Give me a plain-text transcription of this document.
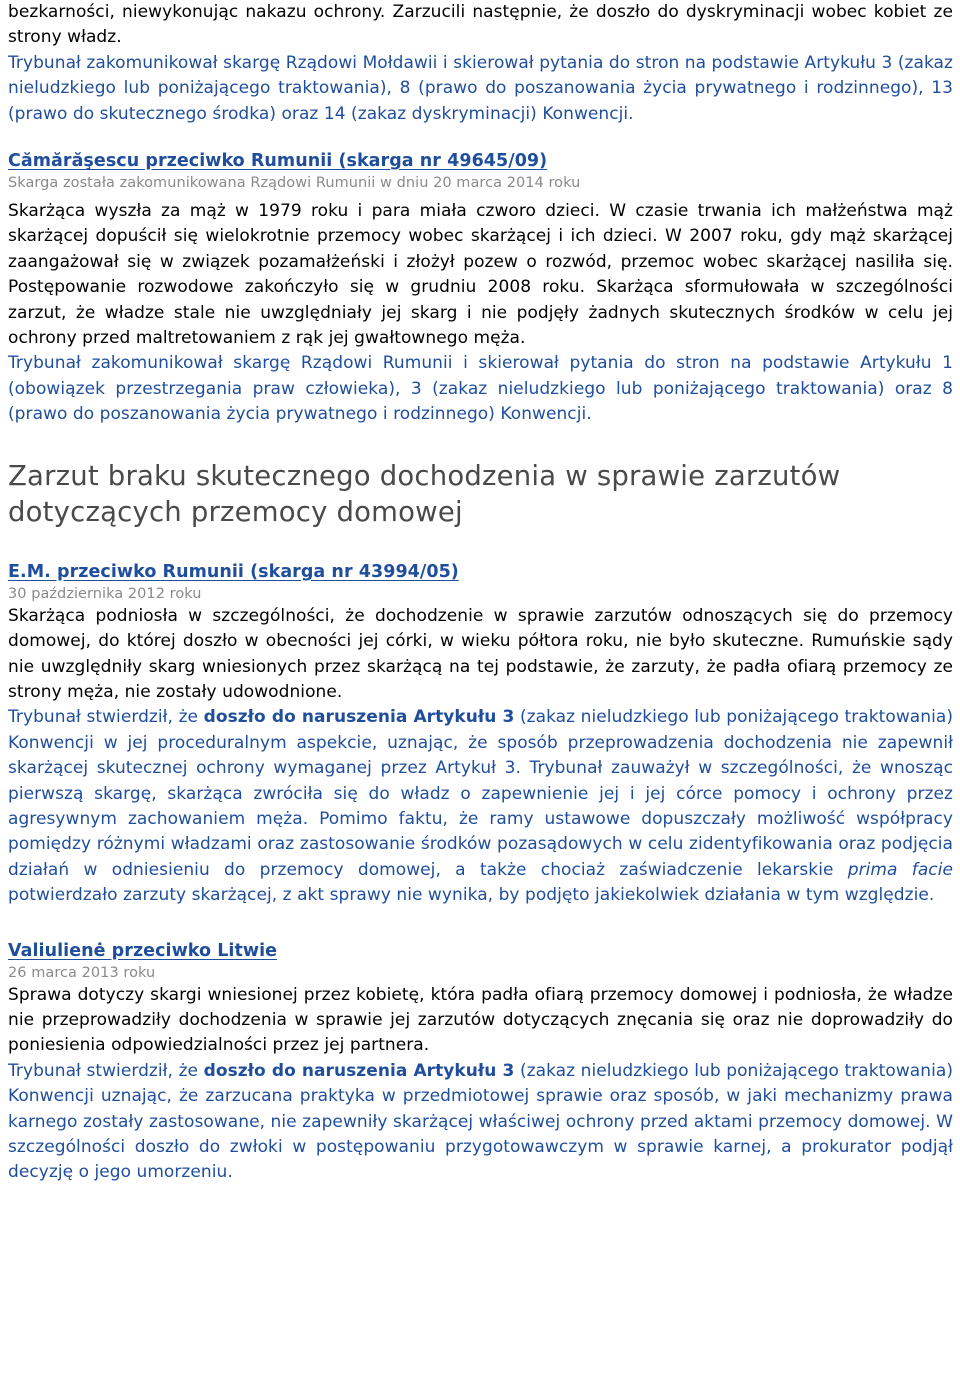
bezkarności, niewykonując nakazu ochrony. Zarzucili następnie, że doszło do dyskryminacji wobec kobiet ze strony władz.

Trybunał zakomunikował skargę Rządowi Mołdawii i skierował pytania do stron na podstawie Artykułu 3 (zakaz nieludzkiego lub poniżającego traktowania), 8 (prawo do poszanowania życia prywatnego i rodzinnego), 13 (prawo do skutecznego środka) oraz 14 (zakaz dyskryminacji) Konwencji.

Cămărăşescu przeciwko Rumunii (skarga nr 49645/09)

Skarga została zakomunikowana Rządowi Rumunii w dniu 20 marca 2014 roku

Skarżąca wyszła za mąż w 1979 roku i para miała czworo dzieci. W czasie trwania ich małżeństwa mąż skarżącej dopuścił się wielokrotnie przemocy wobec skarżącej i ich dzieci. W 2007 roku, gdy mąż skarżącej zaangażował się w związek pozamałżeński i złożył pozew o rozwód, przemoc wobec skarżącej nasiliła się. Postępowanie rozwodowe zakończyło się w grudniu 2008 roku. Skarżąca sformułowała w szczególności zarzut, że władze stale nie uwzględniały jej skarg i nie podjęły żadnych skutecznych środków w celu jej ochrony przed maltretowaniem z rąk jej gwałtownego męża.

Trybunał zakomunikował skargę Rządowi Rumunii i skierował pytania do stron na podstawie Artykułu 1 (obowiązek przestrzegania praw człowieka), 3 (zakaz nieludzkiego lub poniżającego traktowania) oraz 8 (prawo do poszanowania życia prywatnego i rodzinnego) Konwencji.

Zarzut braku skutecznego dochodzenia w sprawie zarzutów dotyczących przemocy domowej

E.M. przeciwko Rumunii (skarga nr 43994/05)

30 października 2012 roku

Skarżąca podniosła w szczególności, że dochodzenie w sprawie zarzutów odnoszących się do przemocy domowej, do której doszło w obecności jej córki, w wieku półtora roku, nie było skuteczne. Rumuńskie sądy nie uwzględniły skarg wniesionych przez skarżącą na tej podstawie, że zarzuty, że padła ofiarą przemocy ze strony męża, nie zostały udowodnione.

Trybunał stwierdził, że doszło do naruszenia Artykułu 3 (zakaz nieludzkiego lub poniżającego traktowania) Konwencji w jej proceduralnym aspekcie, uznając, że sposób przeprowadzenia dochodzenia nie zapewnił skarżącej skutecznej ochrony wymaganej przez Artykuł 3. Trybunał zauważył w szczególności, że wnosząc pierwszą skargę, skarżąca zwróciła się do władz o zapewnienie jej i jej córce pomocy i ochrony przez agresywnym zachowaniem męża. Pomimo faktu, że ramy ustawowe dopuszczały możliwość współpracy pomiędzy różnymi władzami oraz zastosowanie środków pozasądowych w celu zidentyfikowania oraz podjęcia działań w odniesieniu do przemocy domowej, a także chociaż zaświadczenie lekarskie prima facie potwierdzało zarzuty skarżącej, z akt sprawy nie wynika, by podjęto jakiekolwiek działania w tym względzie.

Valiulienė przeciwko Litwie

26 marca 2013 roku

Sprawa dotyczy skargi wniesionej przez kobietę, która padła ofiarą przemocy domowej i podniosła, że władze nie przeprowadziły dochodzenia w sprawie jej zarzutów dotyczących znęcania się oraz nie doprowadziły do poniesienia odpowiedzialności przez jej partnera.

Trybunał stwierdził, że doszło do naruszenia Artykułu 3 (zakaz nieludzkiego lub poniżającego traktowania) Konwencji uznając, że zarzucana praktyka w przedmiotowej sprawie oraz sposób, w jaki mechanizmy prawa karnego zostały zastosowane, nie zapewniły skarżącej właściwej ochrony przed aktami przemocy domowej. W szczególności doszło do zwłoki w postępowaniu przygotowawczym w sprawie karnej, a prokurator podjął decyzję o jego umorzeniu.
